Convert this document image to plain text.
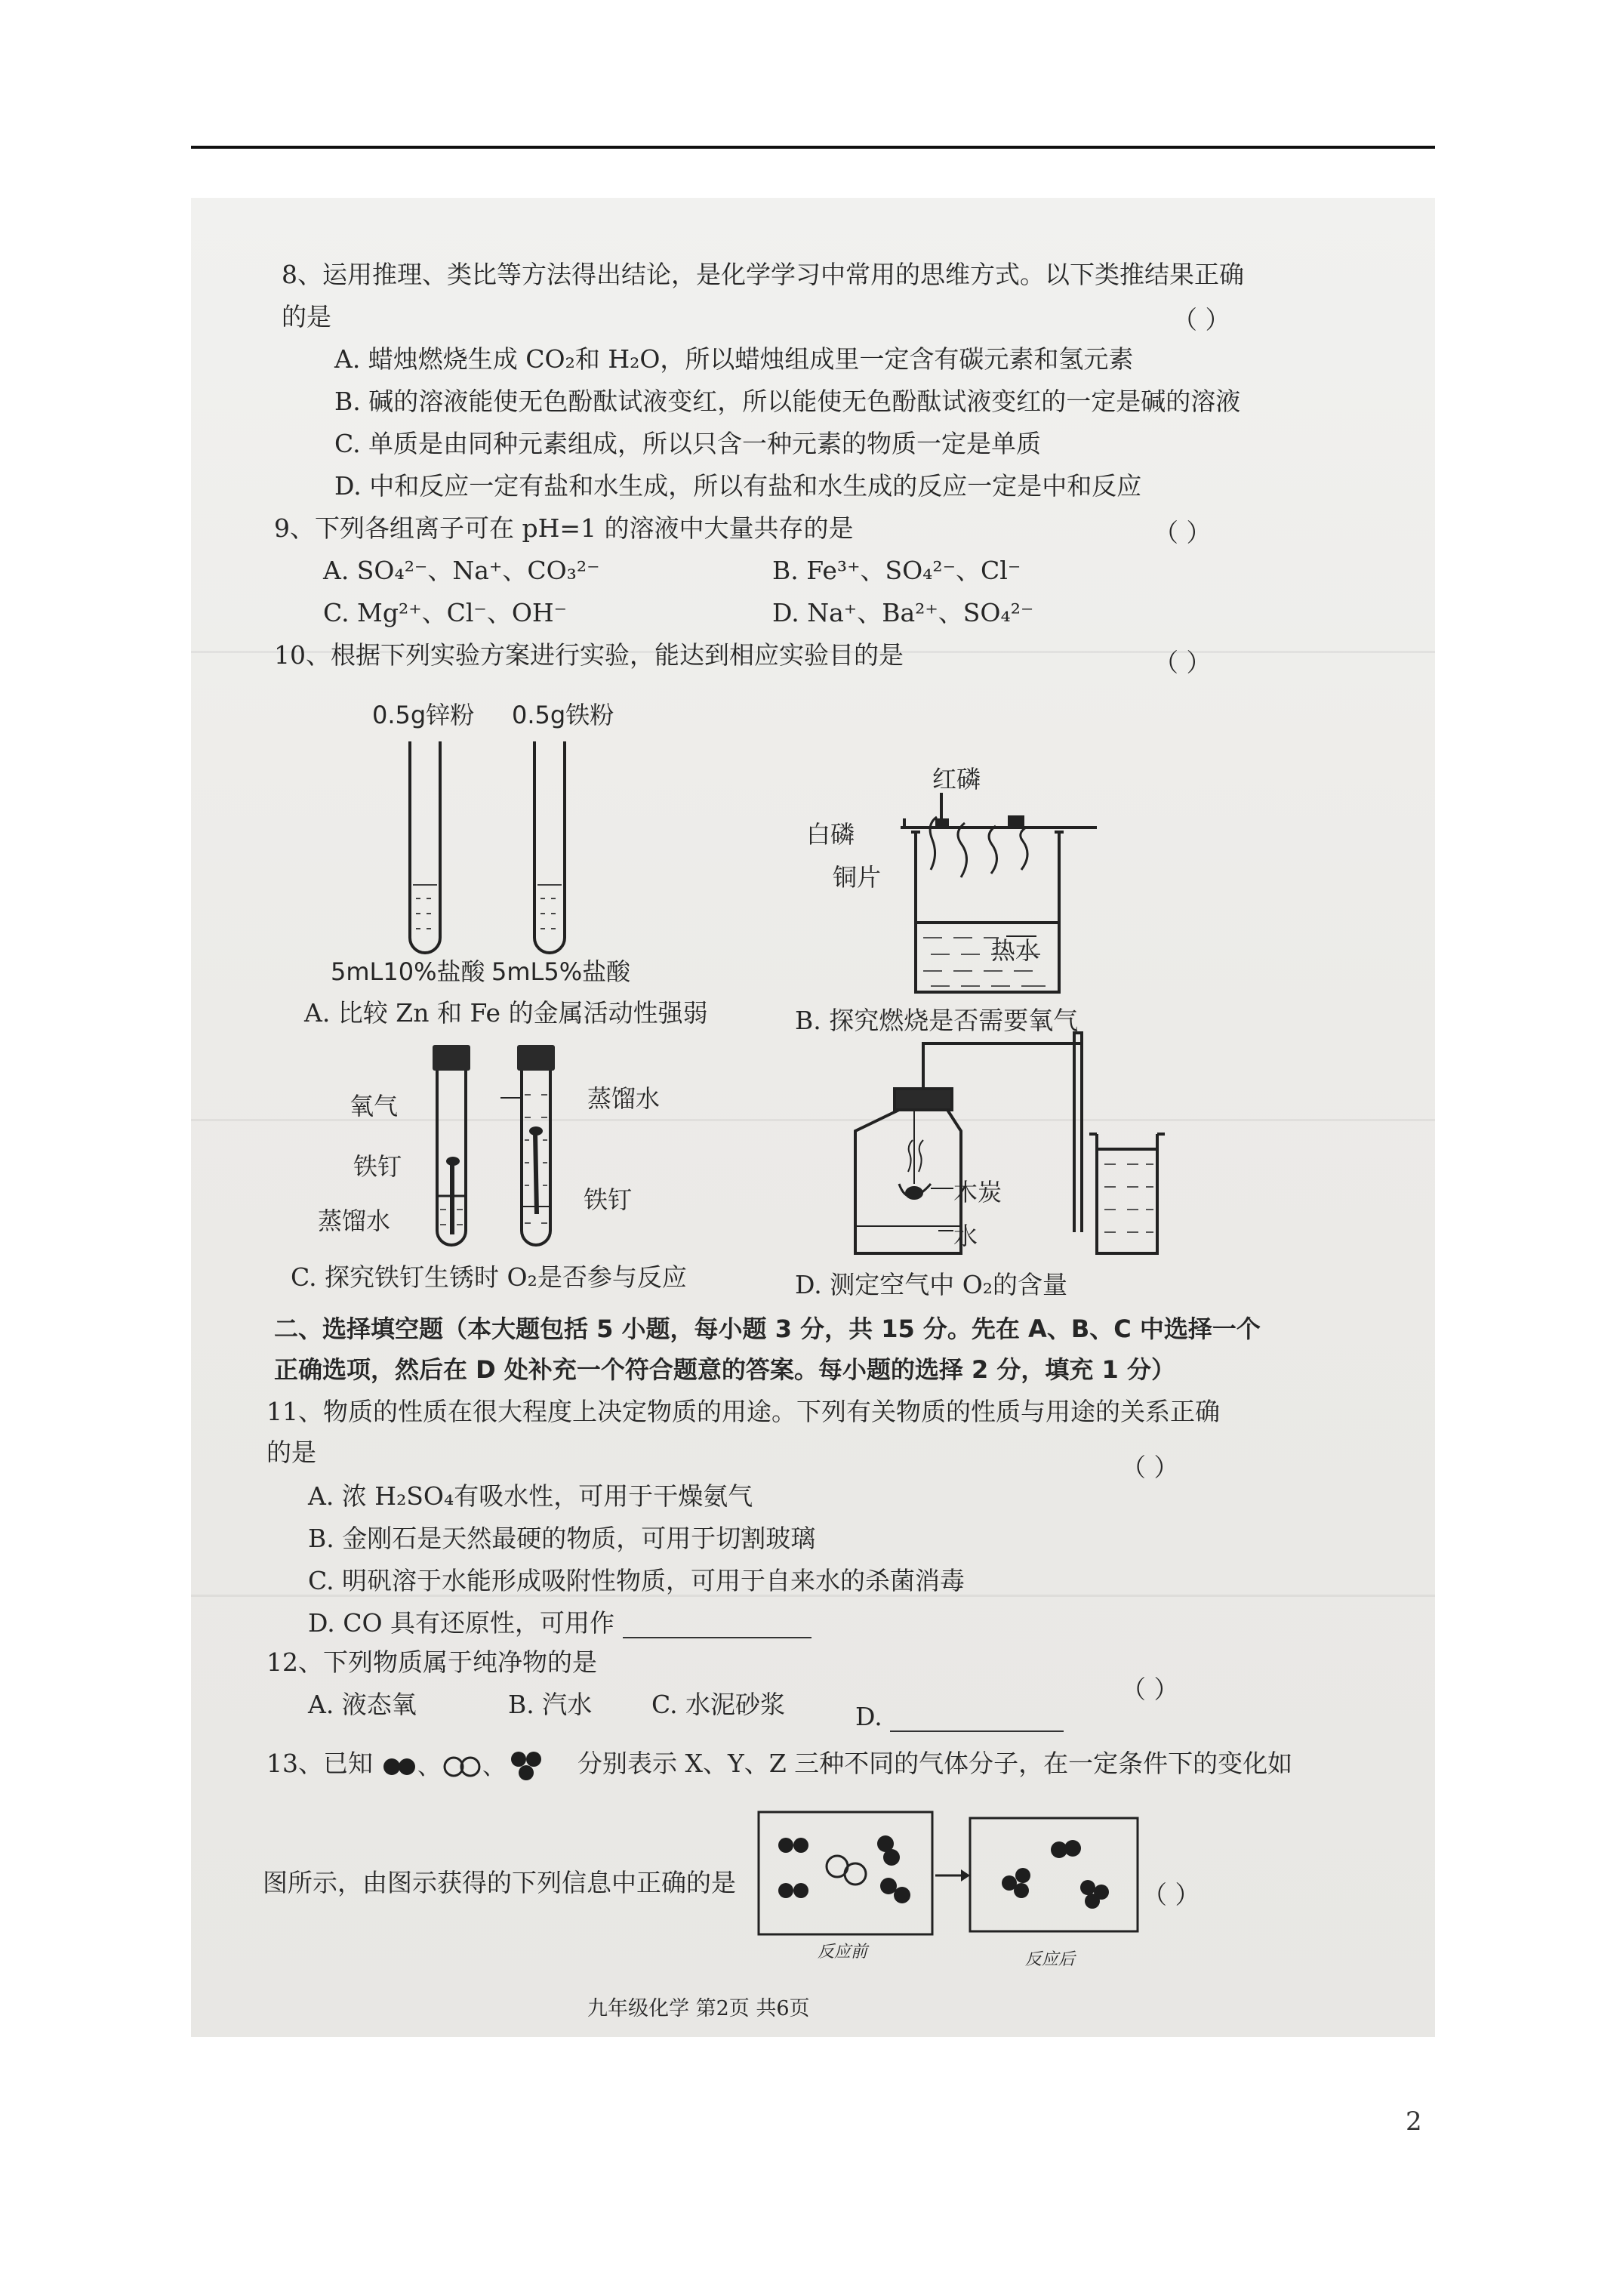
8、运用推理、类比等方法得出结论，是化学学习中常用的思维方式。以下类推结果正确
的是	（ ）
A. 蜡烛燃烧生成 CO₂和 H₂O，所以蜡烛组成里一定含有碳元素和氢元素
B. 碱的溶液能使无色酚酞试液变红，所以能使无色酚酞试液变红的一定是碱的溶液
C. 单质是由同种元素组成，所以只含一种元素的物质一定是单质
D. 中和反应一定有盐和水生成，所以有盐和水生成的反应一定是中和反应
9、下列各组离子可在 pH=1 的溶液中大量共存的是	（ ）
A. SO₄²⁻、Na⁺、CO₃²⁻	B. Fe³⁺、SO₄²⁻、Cl⁻
C. Mg²⁺、Cl⁻、OH⁻	D. Na⁺、Ba²⁺、SO₄²⁻
10、根据下列实验方案进行实验，能达到相应实验目的是	（ ）
0.5g锌粉 0.5g铁粉
5mL10%盐酸 5mL5%盐酸
A. 比较 Zn 和 Fe 的金属活动性强弱
红磷
白磷
铜片
热水
B. 探究燃烧是否需要氧气
氧气
铁钉
蒸馏水
蒸馏水
铁钉
C. 探究铁钉生锈时 O₂是否参与反应
木炭
水
D. 测定空气中 O₂的含量
二、选择填空题（本大题包括 5 小题，每小题 3 分，共 15 分。先在 A、B、C 中选择一个
正确选项，然后在 D 处补充一个符合题意的答案。每小题的选择 2 分，填充 1 分）
11、物质的性质在很大程度上决定物质的用途。下列有关物质的性质与用途的关系正确
的是
（ ）
A. 浓 H₂SO₄有吸水性，可用于干燥氨气
B. 金刚石是天然最硬的物质，可用于切割玻璃
C. 明矾溶于水能形成吸附性物质，可用于自来水的杀菌消毒
D. CO 具有还原性，可用作
12、下列物质属于纯净物的是
（ ）
A. 液态氧	B. 汽水 C. 水泥砂浆	D.
13、已知 、 、	分别表示 X、Y、Z 三种不同的气体分子，在一定条件下的变化如
图所示，由图示获得的下列信息中正确的是	（ ）
反应前	反应后
九年级化学 第2页 共6页
2
